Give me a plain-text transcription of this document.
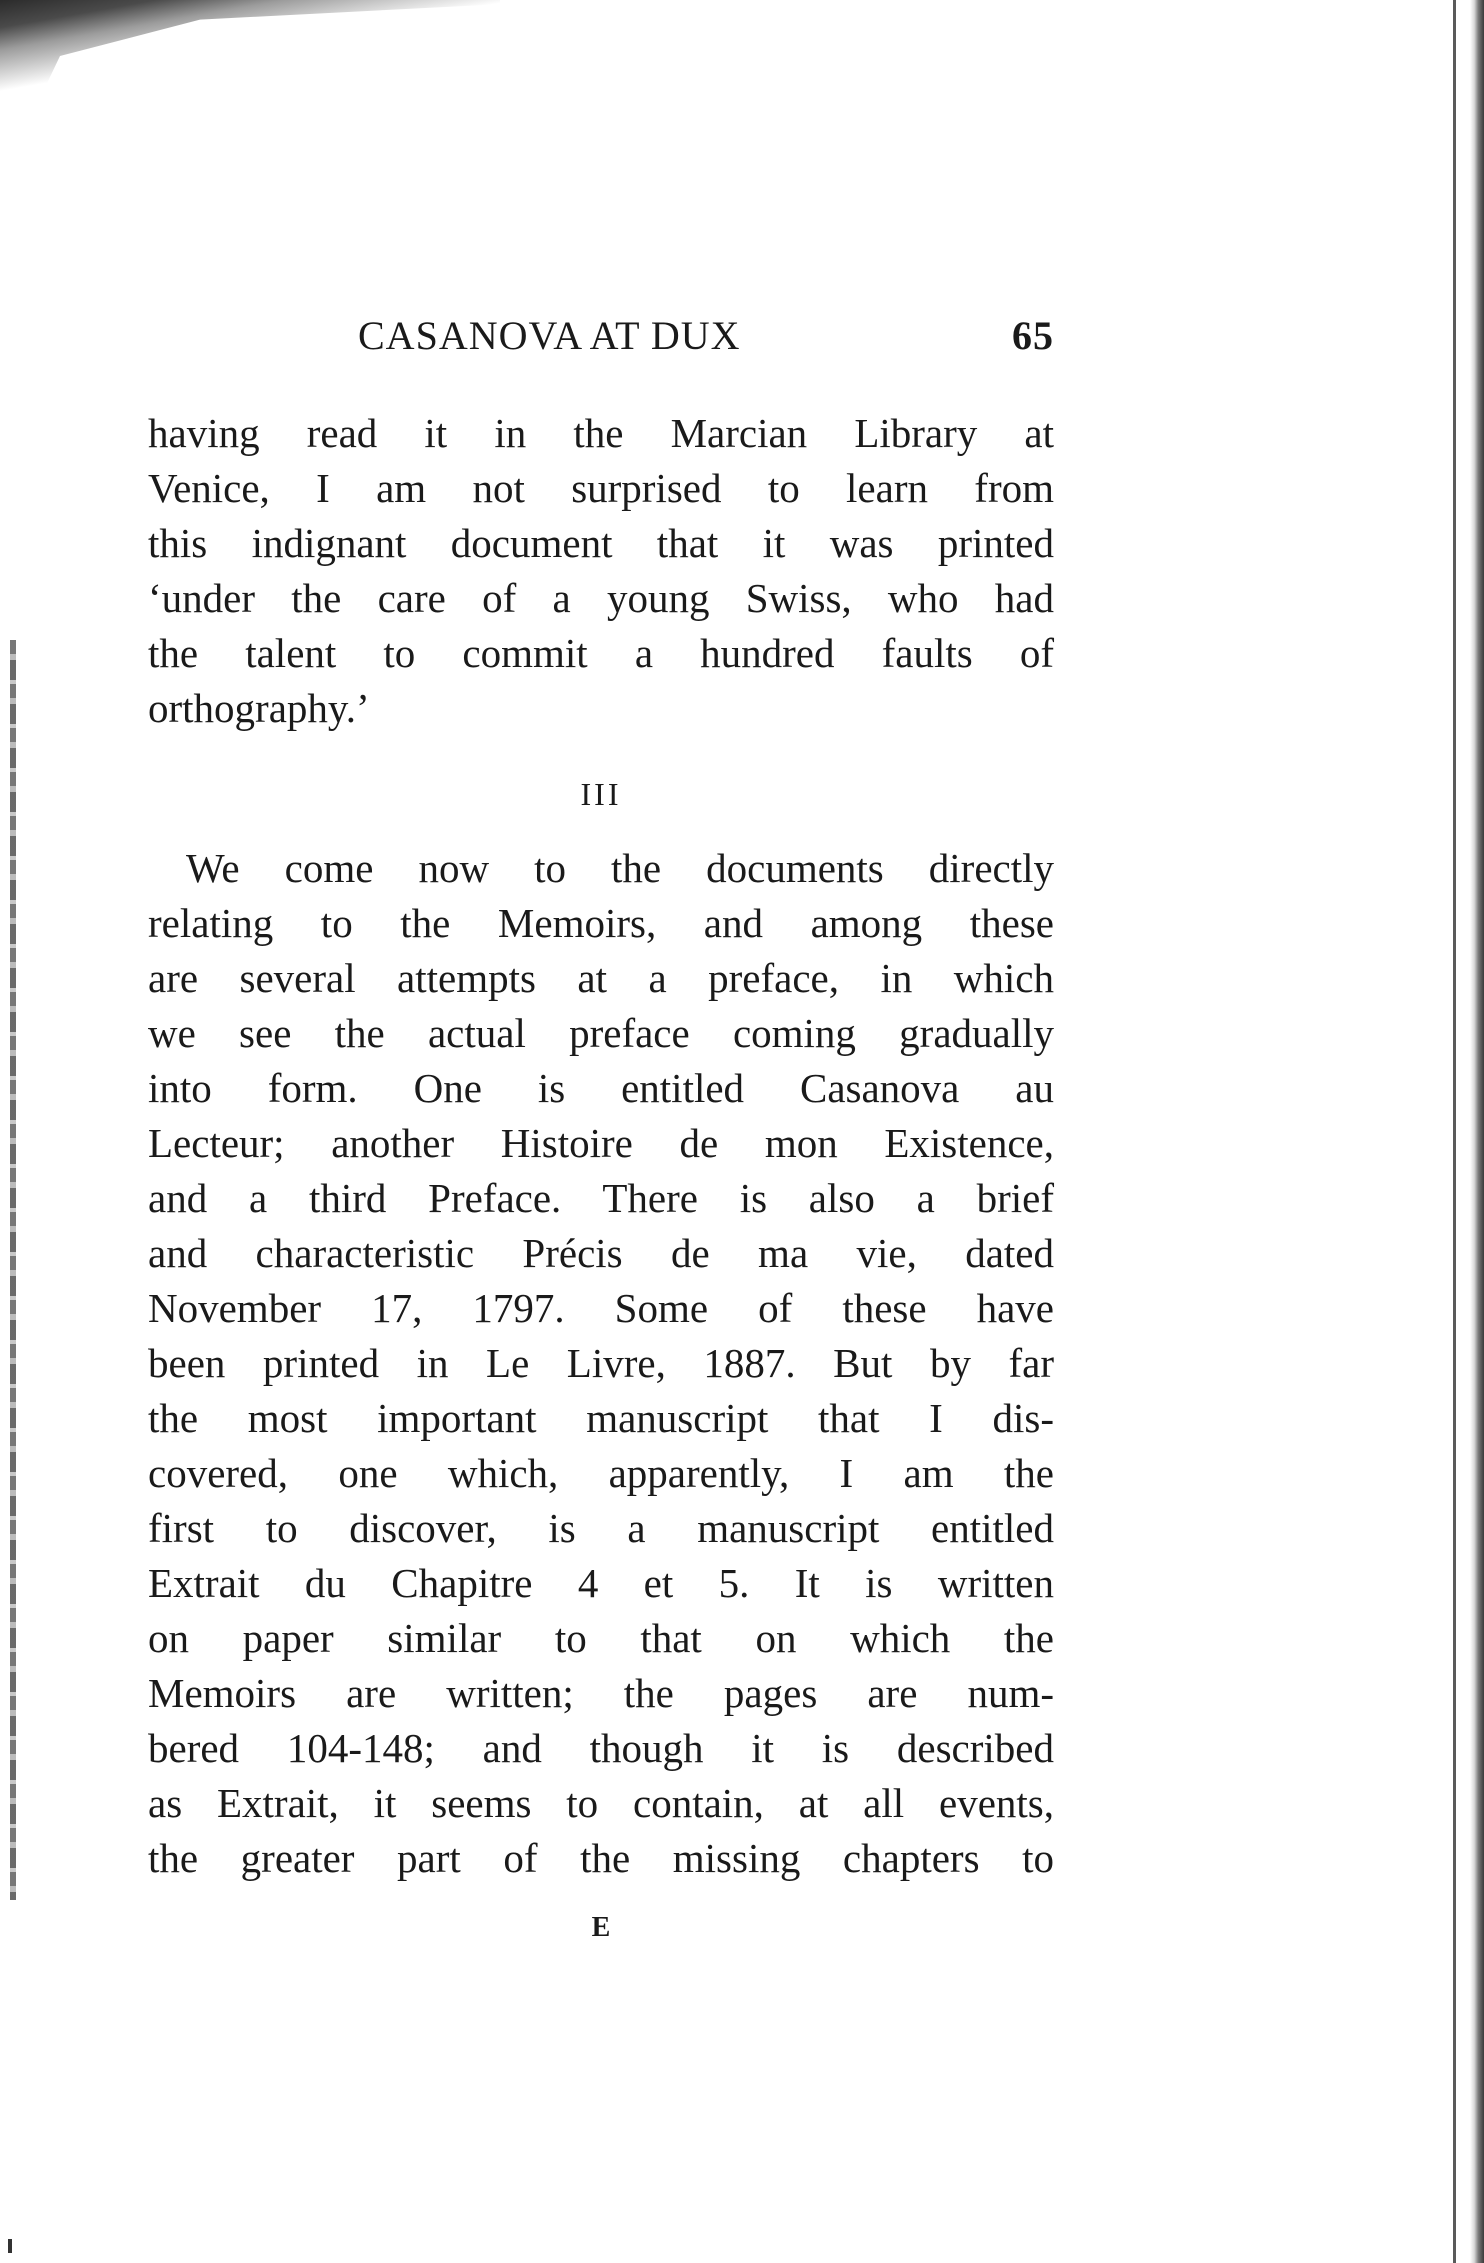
CASANOVA AT DUX	65

having read it in the Marcian Library at
Venice, I am not surprised to learn from
this indignant document that it was printed
‘under the care of a young Swiss, who had
the talent to commit a hundred faults of
orthography.’

III

We come now to the documents directly
relating to the Memoirs, and among these
are several attempts at a preface, in which
we see the actual preface coming gradually
into form. One is entitled Casanova au
Lecteur; another Histoire de mon Existence,
and a third Preface. There is also a brief
and characteristic Précis de ma vie, dated
November 17, 1797. Some of these have
been printed in Le Livre, 1887. But by far
the most important manuscript that I dis-
covered, one which, apparently, I am the
first to discover, is a manuscript entitled
Extrait du Chapitre 4 et 5. It is written
on paper similar to that on which the
Memoirs are written; the pages are num-
bered 104-148; and though it is described
as Extrait, it seems to contain, at all events,
the greater part of the missing chapters to

E
